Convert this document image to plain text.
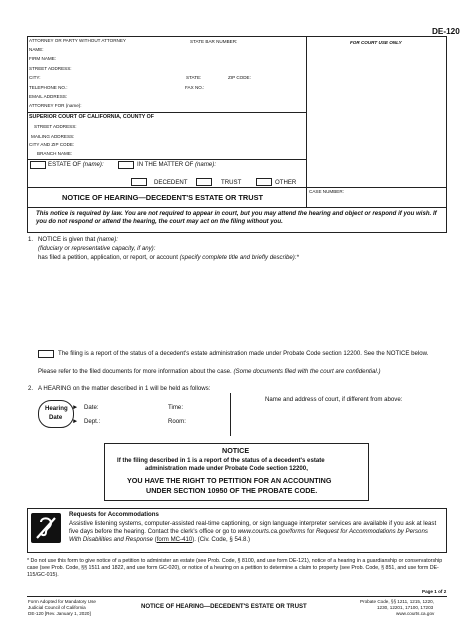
DE-120
ATTORNEY OR PARTY WITHOUT ATTORNEY	STATE BAR NUMBER:	FOR COURT USE ONLY
NAME:
FIRM NAME:
STREET ADDRESS:
CITY:	STATE:	ZIP CODE:
TELEPHONE NO.:	FAX NO.:
EMAIL ADDRESS:
ATTORNEY FOR (name):
SUPERIOR COURT OF CALIFORNIA, COUNTY OF
STREET ADDRESS:
MAILING ADDRESS:
CITY AND ZIP CODE:
BRANCH NAME:
ESTATE OF (name):	IN THE MATTER OF (name):
DECEDENT	TRUST	OTHER
NOTICE OF HEARING—DECEDENT'S ESTATE OR TRUST
CASE NUMBER:
This notice is required by law. You are not required to appear in court, but you may attend the hearing and object or respond if you wish. If you do not respond or attend the hearing, the court may act on the filing without you.
1. NOTICE is given that (name):
(fiduciary or representative capacity, if any):
has filed a petition, application, or report, or account (specify complete title and briefly describe):*
The filing is a report of the status of a decedent's estate administration made under Probate Code section 12200. See the NOTICE below.
Please refer to the filed documents for more information about the case. (Some documents filed with the court are confidential.)
2. A HEARING on the matter described in 1 will be held as follows:
Hearing
Date
►
►
Date:	Time:
Dept.:	Room:
Name and address of court, if different from above:
NOTICE
If the filing described in 1 is a report of the status of a decedent's estate
administration made under Probate Code section 12200,
YOU HAVE THE RIGHT TO PETITION FOR AN ACCOUNTING
UNDER SECTION 10950 OF THE PROBATE CODE.
Requests for Accommodations
Assistive listening systems, computer-assisted real-time captioning, or sign language interpreter services are available if you ask at least five days before the hearing. Contact the clerk's office or go to www.courts.ca.gov/forms for Request for Accommodations by Persons With Disabilities and Response (form MC-410). (Civ. Code, § 54.8.)
* Do not use this form to give notice of a petition to administer an estate (see Prob. Code, § 8100, and use form DE-121), notice of a hearing in a guardianship or conservatorship case (see Prob. Code, §§ 1511 and 1822, and use form GC-020), or notice of a hearing on a petition to determine a claim to property (see Prob. Code, § 851, and use form DE-115/GC-015).
Page 1 of 2
Form Adopted for Mandatory Use
Judicial Council of California
DE-120 [Rev. January 1, 2020]
NOTICE OF HEARING—DECEDENT'S ESTATE OR TRUST
Probate Code, §§ 1211, 1215, 1220,
1230, 12201, 17100, 17203
www.courts.ca.gov
